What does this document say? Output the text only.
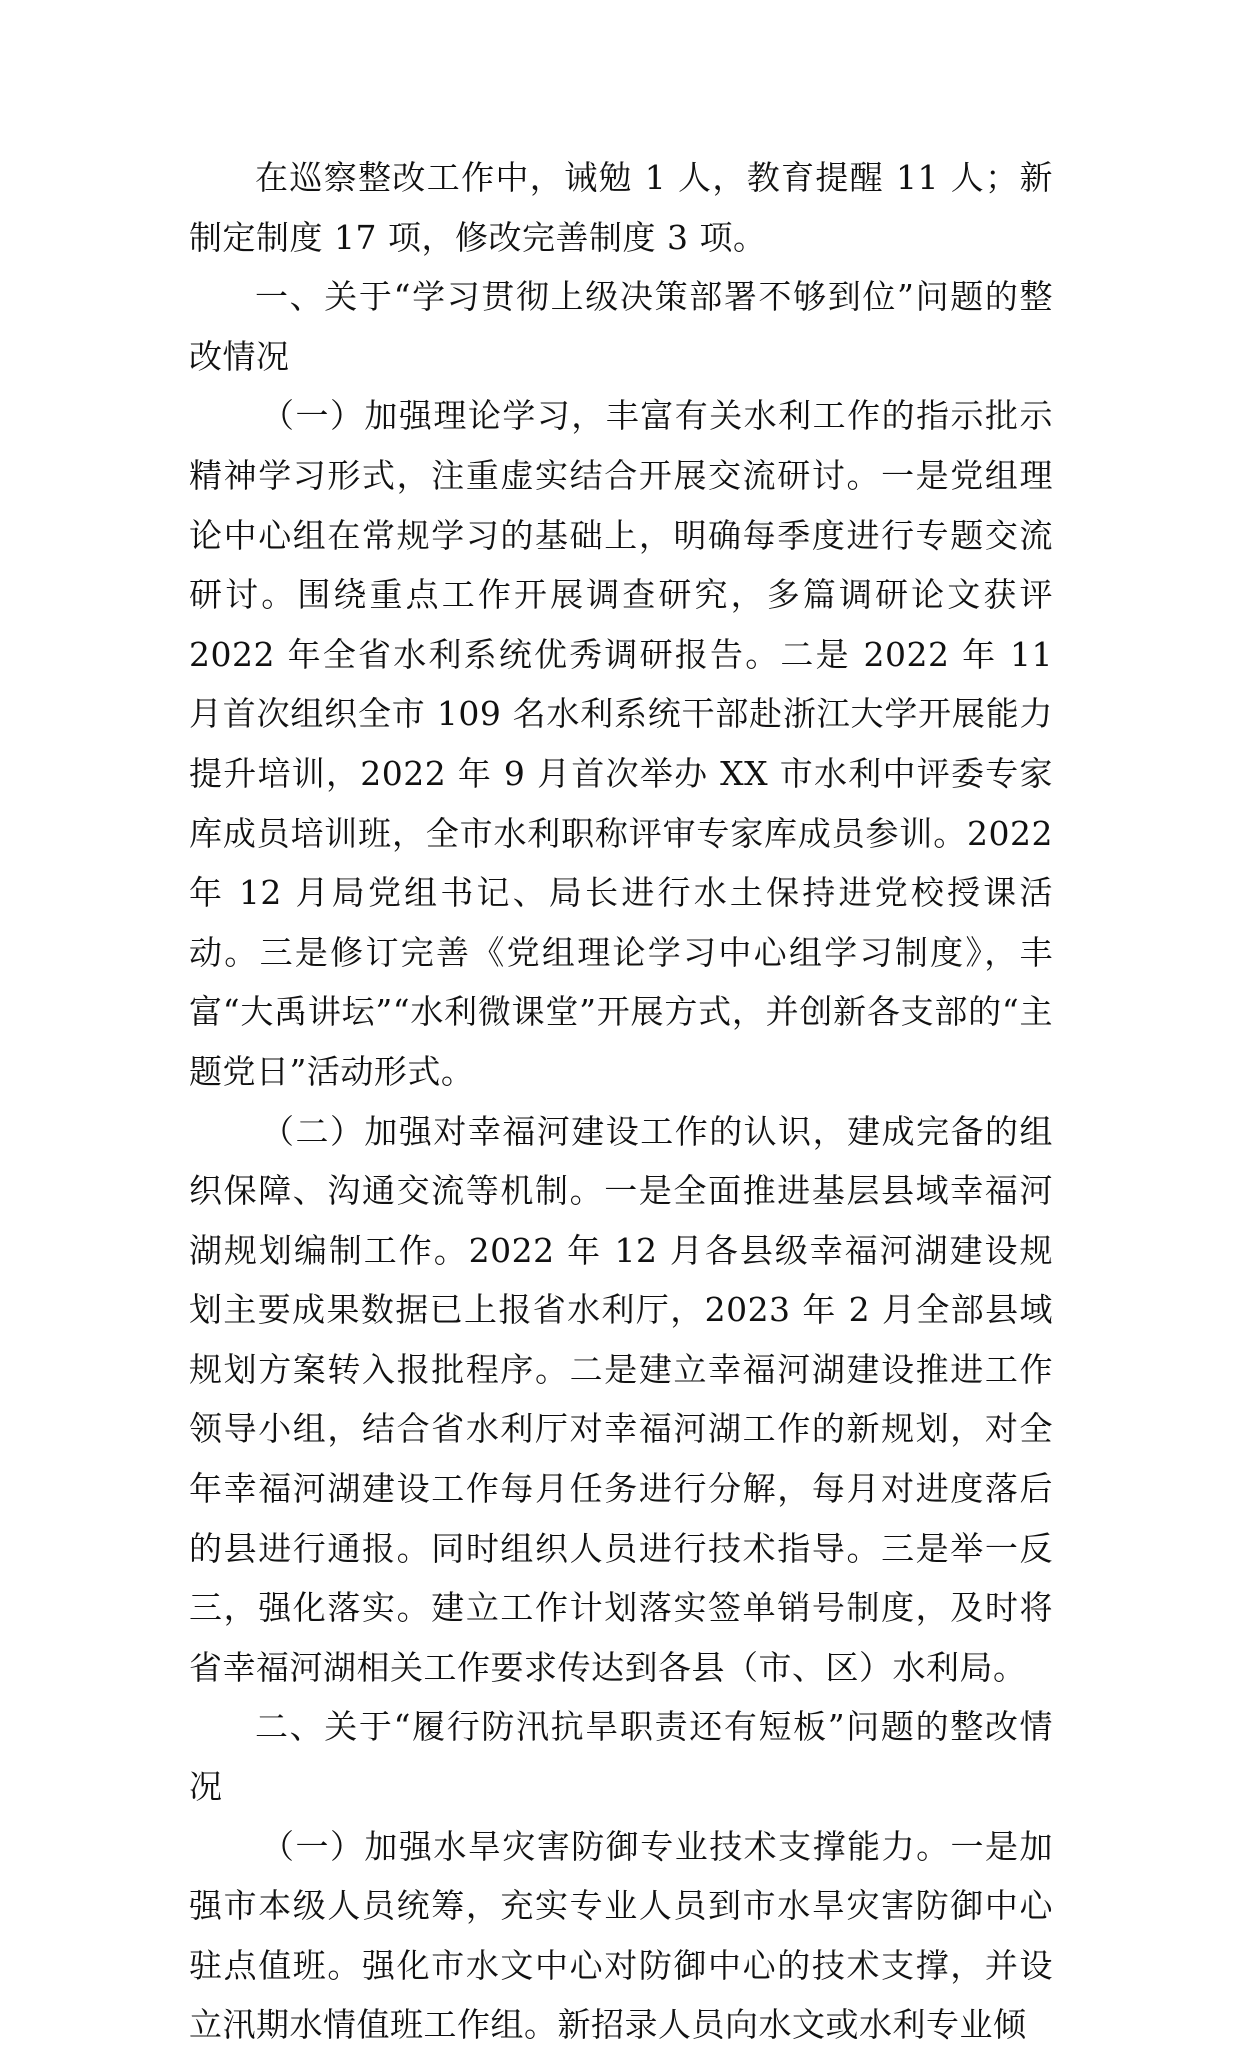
在巡察整改工作中，诫勉 1 人，教育提醒 11 人；新制定制度 17 项，修改完善制度 3 项。

一、关于“学习贯彻上级决策部署不够到位”问题的整改情况

（一）加强理论学习，丰富有关水利工作的指示批示精神学习形式，注重虚实结合开展交流研讨。一是党组理论中心组在常规学习的基础上，明确每季度进行专题交流研讨。围绕重点工作开展调查研究，多篇调研论文获评 2022 年全省水利系统优秀调研报告。二是 2022 年 11 月首次组织全市 109 名水利系统干部赴浙江大学开展能力提升培训，2022 年 9 月首次举办 XX 市水利中评委专家库成员培训班，全市水利职称评审专家库成员参训。2022 年 12 月局党组书记、局长进行水土保持进党校授课活动。三是修订完善《党组理论学习中心组学习制度》，丰富“大禹讲坛”“水利微课堂”开展方式，并创新各支部的“主题党日”活动形式。

（二）加强对幸福河建设工作的认识，建成完备的组织保障、沟通交流等机制。一是全面推进基层县域幸福河湖规划编制工作。2022 年 12 月各县级幸福河湖建设规划主要成果数据已上报省水利厅，2023 年 2 月全部县域规划方案转入报批程序。二是建立幸福河湖建设推进工作领导小组，结合省水利厅对幸福河湖工作的新规划，对全年幸福河湖建设工作每月任务进行分解，每月对进度落后的县进行通报。同时组织人员进行技术指导。三是举一反三，强化落实。建立工作计划落实签单销号制度，及时将省幸福河湖相关工作要求传达到各县（市、区）水利局。

二、关于“履行防汛抗旱职责还有短板”问题的整改情况

（一）加强水旱灾害防御专业技术支撑能力。一是加强市本级人员统筹，充实专业人员到市水旱灾害防御中心驻点值班。强化市水文中心对防御中心的技术支撑，并设立汛期水情值班工作组。新招录人员向水文或水利专业倾
